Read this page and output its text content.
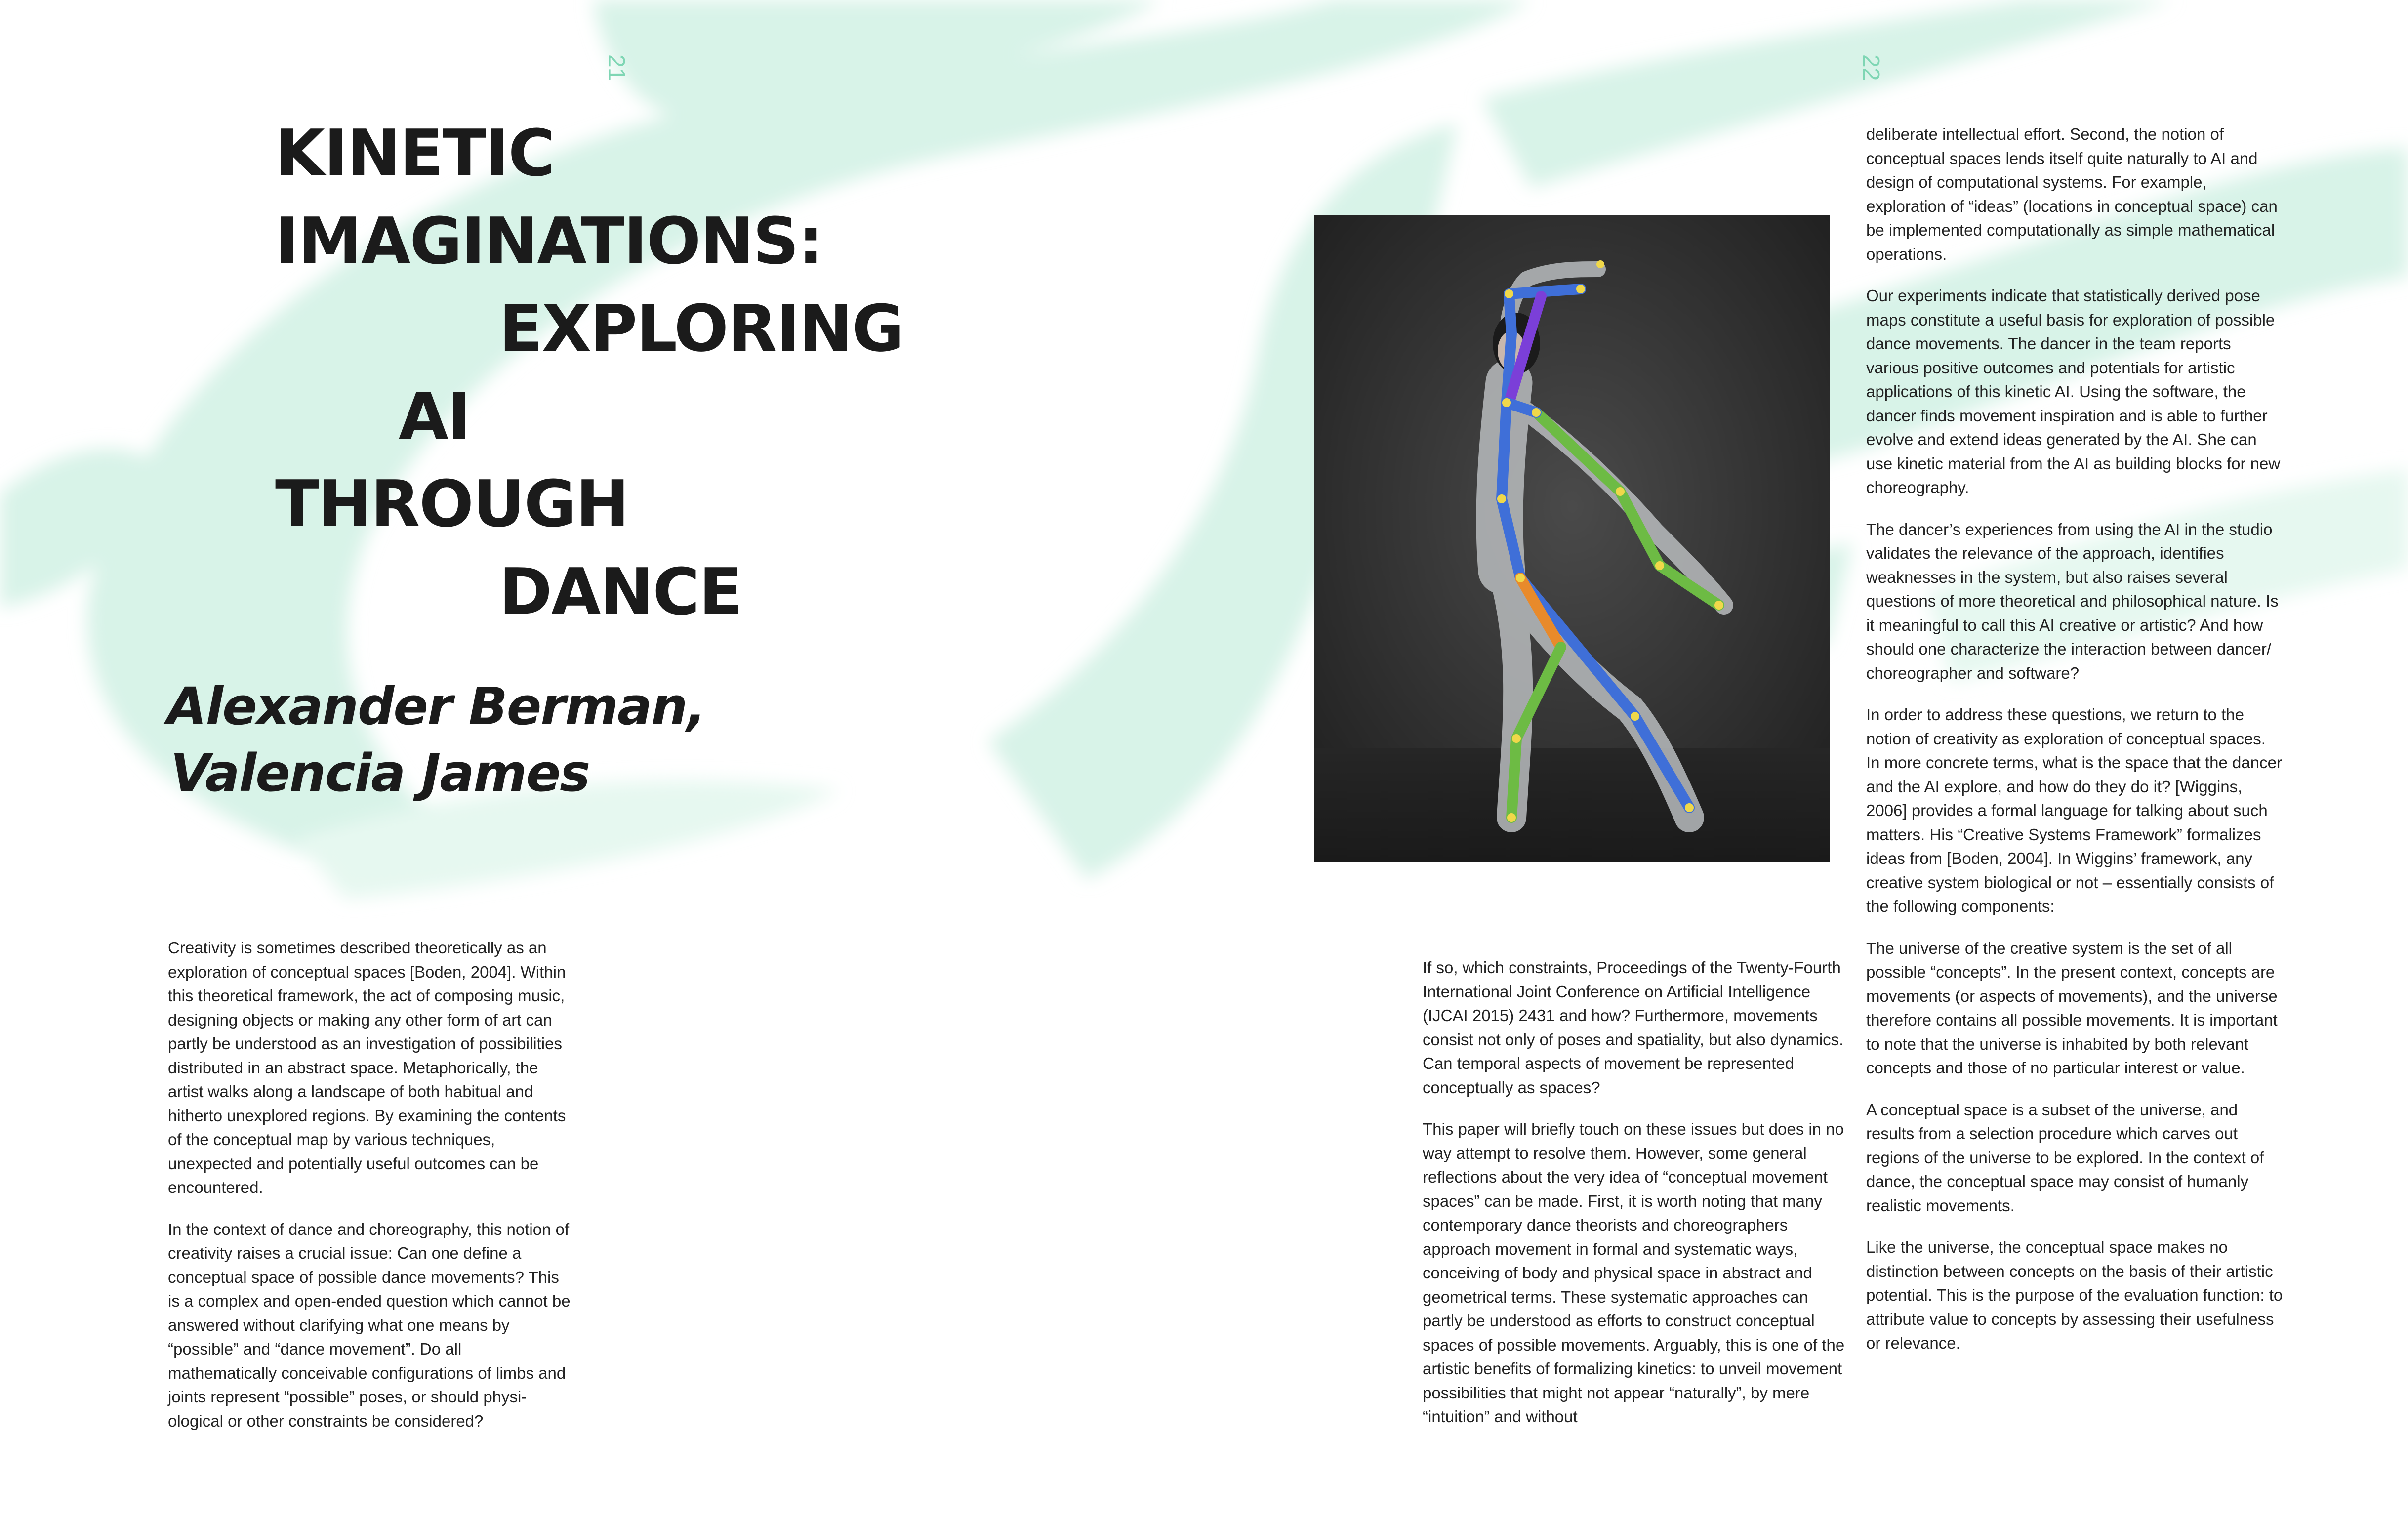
21	22
KINETIC
IMAGINATIONS:
EXPLORING
AI
THROUGH
DANCE
Alexander Berman,
Valencia James

Creativity is sometimes described theoretically as an exploration of conceptual spaces [Boden, 2004]. Within this theoretical framework, the act of composing music, designing objects or making any other form of art can partly be understood as an investigation of possibilities distributed in an abstract space. Metaphorically, the artist walks along a landscape of both habitual and hitherto unexplored regions. By examining the contents of the conceptual map by various techniques, unexpected and potentially useful outcomes can be encountered.

In the context of dance and choreography, this notion of creativity raises a crucial issue: Can one define a conceptual space of possible dance movements? This is a complex and open-ended question which cannot be answered without clarifying what one means by “possible” and “dance movement”. Do all mathematically conceivable configurations of limbs and joints represent “possible” poses, or should physi-ological or other constraints be considered?

If so, which constraints, Proceedings of the Twenty-Fourth International Joint Conference on Artificial Intelligence (IJCAI 2015) 2431 and how? Furthermore, movements consist not only of poses and spatiality, but also dynamics. Can temporal aspects of movement be represented conceptually as spaces?

This paper will briefly touch on these issues but does in no way attempt to resolve them. However, some general reflections about the very idea of “conceptual movement spaces” can be made. First, it is worth noting that many contemporary dance theorists and choreographers approach movement in formal and systematic ways, conceiving of body and physical space in abstract and geometrical terms. These systematic approaches can partly be understood as efforts to construct conceptual spaces of possible movements. Arguably, this is one of the artistic benefits of formalizing kinetics: to unveil movement possibilities that might not appear “naturally”, by mere “intuition” and without

deliberate intellectual effort. Second, the notion of conceptual spaces lends itself quite naturally to AI and design of computational systems. For example, exploration of “ideas” (locations in conceptual space) can be implemented computationally as simple mathematical operations.

Our experiments indicate that statistically derived pose maps constitute a useful basis for exploration of possible dance movements. The dancer in the team reports various positive outcomes and potentials for artistic applications of this kinetic AI. Using the software, the dancer finds movement inspiration and is able to further evolve and extend ideas generated by the AI. She can use kinetic material from the AI as building blocks for new choreography.

The dancer’s experiences from using the AI in the studio validates the relevance of the approach, identifies weaknesses in the system, but also raises several questions of more theoretical and philosophical nature. Is it meaningful to call this AI creative or artistic? And how should one characterize the interaction between dancer/ choreographer and software?

In order to address these questions, we return to the notion of creativity as exploration of conceptual spaces. In more concrete terms, what is the space that the dancer and the AI explore, and how do they do it? [Wiggins, 2006] provides a formal language for talking about such matters. His “Creative Systems Framework” formalizes ideas from [Boden, 2004]. In Wiggins’ framework, any creative system biological or not – essentially consists of the following components:

The universe of the creative system is the set of all possible “concepts”. In the present context, concepts are movements (or aspects of movements), and the universe therefore contains all possible movements. It is important to note that the universe is inhabited by both relevant concepts and those of no particular interest or value.

A conceptual space is a subset of the universe, and results from a selection procedure which carves out regions of the universe to be explored. In the context of dance, the conceptual space may consist of humanly realistic movements.

Like the universe, the conceptual space makes no distinction between concepts on the basis of their artistic potential. This is the purpose of the evaluation function: to attribute value to concepts by assessing their usefulness or relevance.
